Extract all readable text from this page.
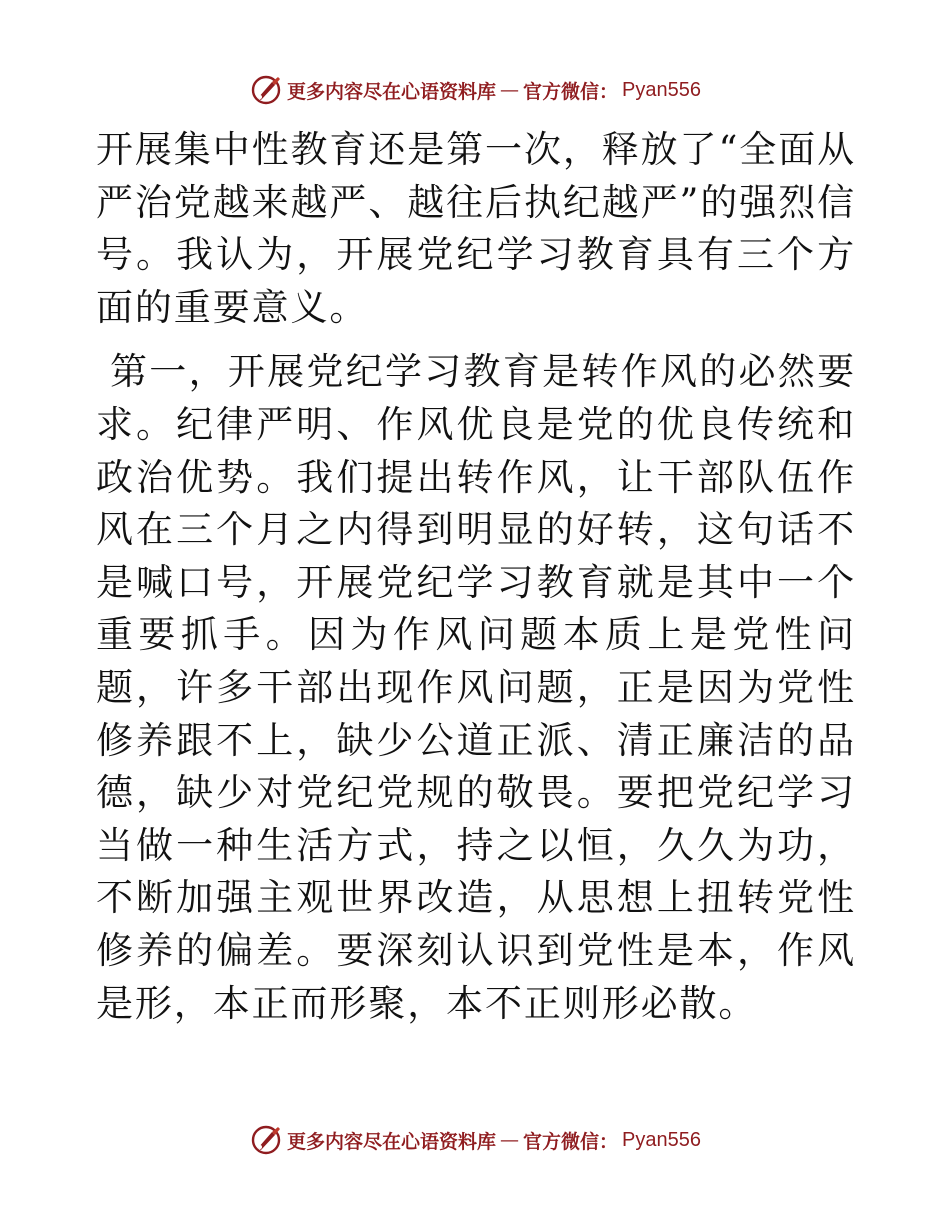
更多内容尽在心语资料库 — 官方微信： Pyan556

开展集中性教育还是第一次，释放了“全面从严治党越来越严、越往后执纪越严”的强烈信号。我认为，开展党纪学习教育具有三个方面的重要意义。

第一，开展党纪学习教育是转作风的必然要求。纪律严明、作风优良是党的优良传统和政治优势。我们提出转作风，让干部队伍作风在三个月之内得到明显的好转，这句话不是喊口号，开展党纪学习教育就是其中一个重要抓手。因为作风问题本质上是党性问题，许多干部出现作风问题，正是因为党性修养跟不上，缺少公道正派、清正廉洁的品德，缺少对党纪党规的敬畏。要把党纪学习当做一种生活方式，持之以恒，久久为功，不断加强主观世界改造，从思想上扭转党性修养的偏差。要深刻认识到党性是本，作风是形，本正而形聚，本不正则形必散。

更多内容尽在心语资料库 — 官方微信： Pyan556
